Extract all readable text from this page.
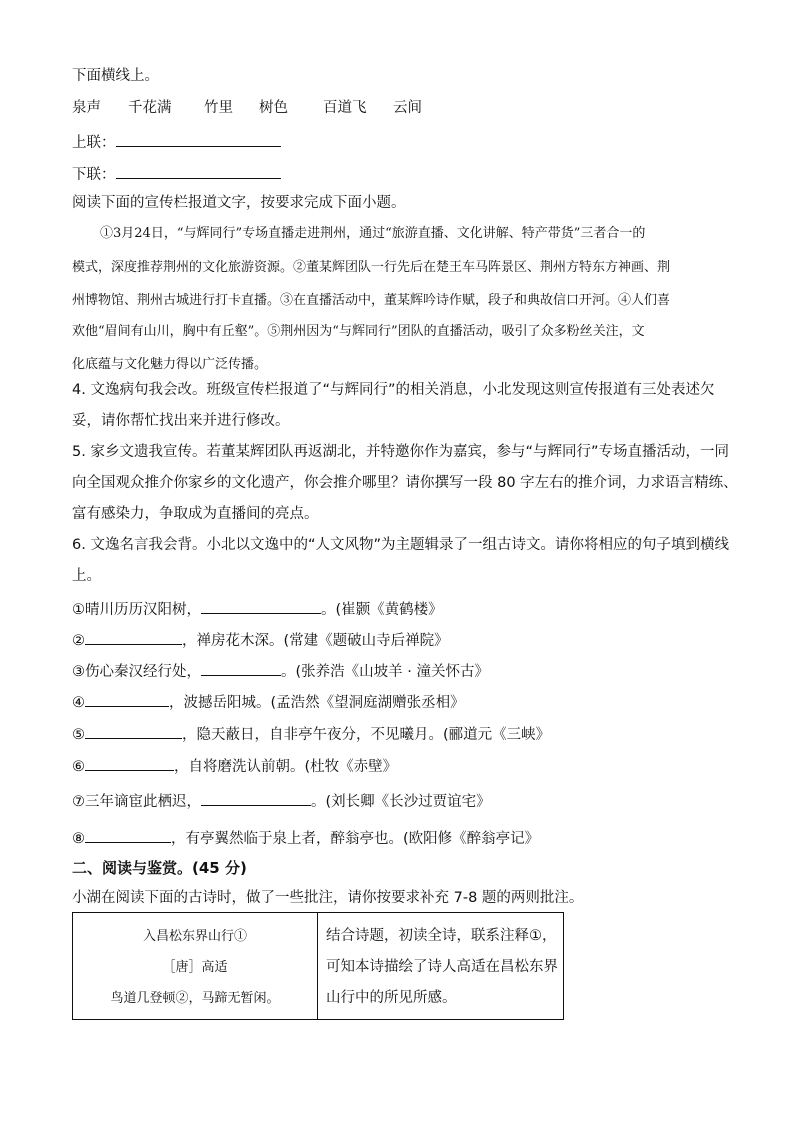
下面横线上。
泉声 千花满 竹里 树色 百道飞 云间
上联：
下联：
阅读下面的宣传栏报道文字，按要求完成下面小题。
①3月24日，“与辉同行”专场直播走进荆州，通过“旅游直播、文化讲解、特产带货”三者合一的
模式，深度推荐荆州的文化旅游资源。②董某辉团队一行先后在楚王车马阵景区、荆州方特东方神画、荆
州博物馆、荆州古城进行打卡直播。③在直播活动中，董某辉吟诗作赋，段子和典故信口开河。④人们喜
欢他“眉间有山川，胸中有丘壑”。⑤荆州因为“与辉同行”团队的直播活动，吸引了众多粉丝关注，文
化底蕴与文化魅力得以广泛传播。
4. 文逸病句我会改。班级宣传栏报道了“与辉同行”的相关消息，小北发现这则宣传报道有三处表述欠
妥，请你帮忙找出来并进行修改。
5. 家乡文遗我宣传。若董某辉团队再返湖北，并特邀你作为嘉宾，参与“与辉同行”专场直播活动，一同
向全国观众推介你家乡的文化遗产，你会推介哪里？请你撰写一段 80 字左右的推介词，力求语言精练、
富有感染力，争取成为直播间的亮点。
6. 文逸名言我会背。小北以文逸中的“人文风物”为主题辑录了一组古诗文。请你将相应的句子填到横线
上。
①晴川历历汉阳树，	。(崔颢《黄鹤楼》
②	，禅房花木深。(常建《题破山寺后禅院》
③伤心秦汉经行处，	。(张养浩《山坡羊 · 潼关怀古》
④	，波撼岳阳城。(孟浩然《望洞庭湖赠张丞相》
⑤	，隐天蔽日，自非亭午夜分，不见曦月。(郦道元《三峡》
⑥	，自将磨洗认前朝。(杜牧《赤壁》
⑦三年谪宦此栖迟，	。(刘长卿《长沙过贾谊宅》
⑧	，有亭翼然临于泉上者，醉翁亭也。(欧阳修《醉翁亭记》
二、阅读与鉴赏。(45 分)
小湖在阅读下面的古诗时，做了一些批注，请你按要求补充 7-8 题的两则批注。
入昌松东界山行①
［唐］高适
鸟道几登顿②，马蹄无暂闲。

结合诗题，初读全诗，联系注释①，
可知本诗描绘了诗人高适在昌松东界
山行中的所见所感。
